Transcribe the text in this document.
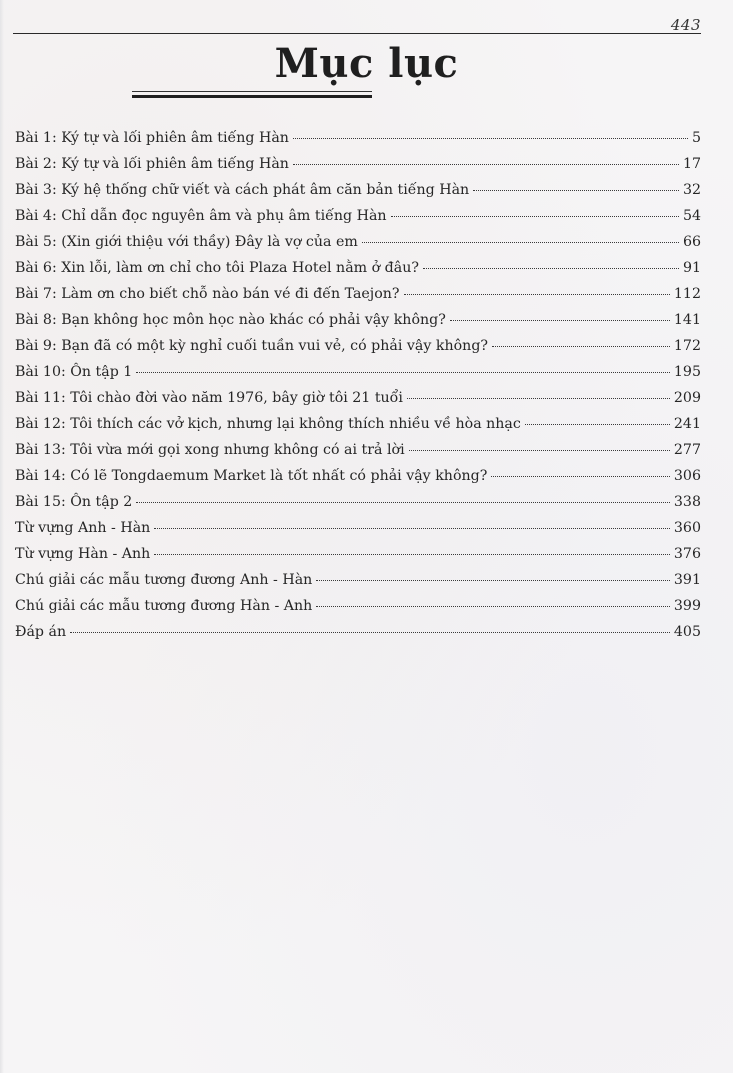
443
Mục lục
Bài 1: Ký tự và lối phiên âm tiếng Hàn	5
Bài 2: Ký tự và lối phiên âm tiếng Hàn	17
Bài 3: Ký hệ thống chữ viết và cách phát âm căn bản tiếng Hàn	32
Bài 4: Chỉ dẫn đọc nguyên âm và phụ âm tiếng Hàn	54
Bài 5: (Xin giới thiệu với thầy) Đây là vợ của em	66
Bài 6: Xin lỗi, làm ơn chỉ cho tôi Plaza Hotel nằm ở đâu?	91
Bài 7: Làm ơn cho biết chỗ nào bán vé đi đến Taejon?	112
Bài 8: Bạn không học môn học nào khác có phải vậy không?	141
Bài 9: Bạn đã có một kỳ nghỉ cuối tuần vui vẻ, có phải vậy không?	172
Bài 10: Ôn tập 1	195
Bài 11: Tôi chào đời vào năm 1976, bây giờ tôi 21 tuổi	209
Bài 12: Tôi thích các vở kịch, nhưng lại không thích nhiều về hòa nhạc	241
Bài 13: Tôi vừa mới gọi xong nhưng không có ai trả lời	277
Bài 14: Có lẽ Tongdaemum Market là tốt nhất có phải vậy không?	306
Bài 15: Ôn tập 2	338
Từ vựng Anh - Hàn	360
Từ vựng Hàn - Anh	376
Chú giải các mẫu tương đương Anh - Hàn	391
Chú giải các mẫu tương đương Hàn - Anh	399
Đáp án	405
